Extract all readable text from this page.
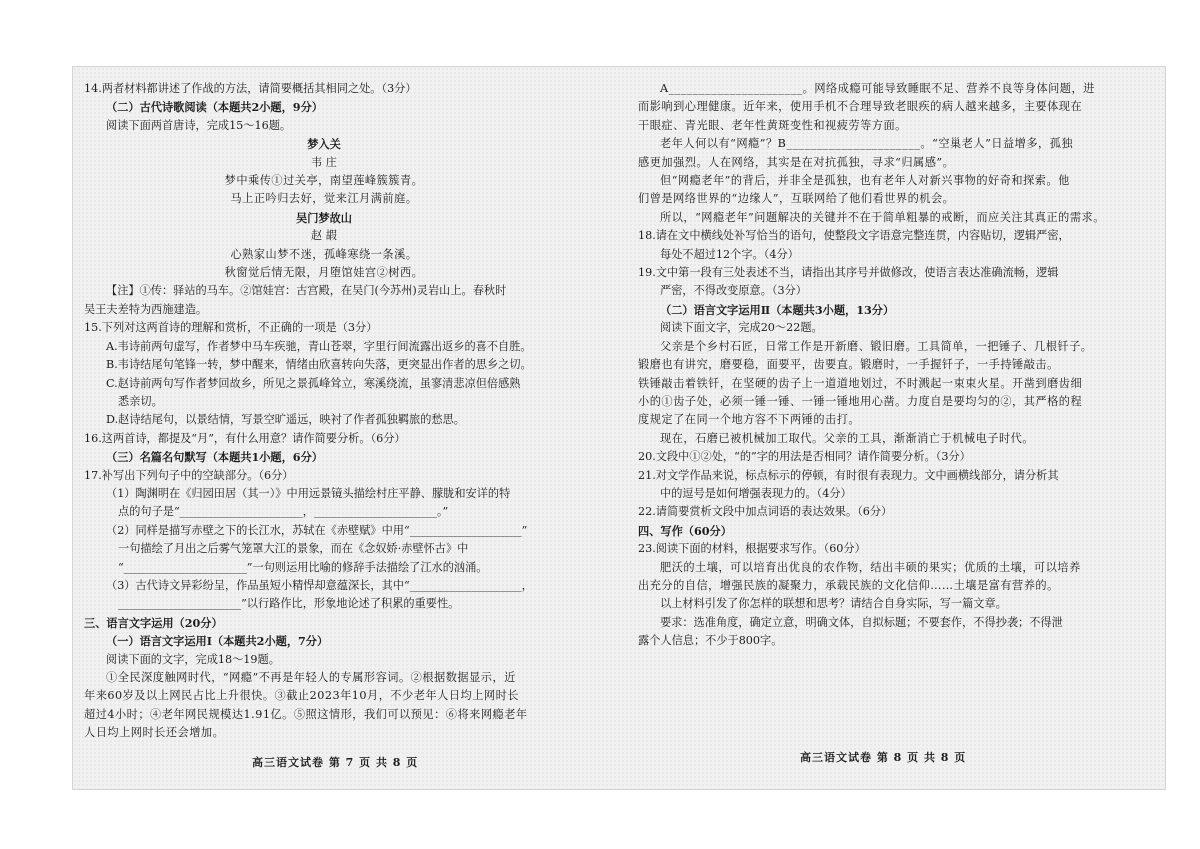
14.两者材料都讲述了作战的方法，请简要概括其相同之处。（3分）
（二）古代诗歌阅读（本题共2小题，9分）
阅读下面两首唐诗，完成15～16题。
梦入关
韦 庄
梦中乘传①过关亭，南望莲峰簇簇青。
马上正吟归去好，觉来江月满前庭。
吴门梦故山
赵 嘏
心熟家山梦不迷，孤峰寒绕一条溪。
秋窗觉后情无限，月堕馆娃宫②树西。
【注】①传：驿站的马车。②馆娃宫：古宫殿，在吴门(今苏州)灵岩山上。春秋时
吴王夫差特为西施建造。
15.下列对这两首诗的理解和赏析，不正确的一项是（3分）
A.韦诗前两句虚写，作者梦中马车疾驰，青山苍翠，字里行间流露出返乡的喜不自胜。
B.韦诗结尾句笔锋一转，梦中醒来，情绪由欣喜转向失落，更突显出作者的思乡之切。
C.赵诗前两句写作者梦回故乡，所见之景孤峰耸立，寒溪绕流，虽寥清悲凉但倍感熟
悉亲切。
D.赵诗结尾句，以景结情，写景空旷遥远，映衬了作者孤独羁旅的愁思。
16.这两首诗，都提及“月”，有什么用意？请作简要分析。（6分）
（三）名篇名句默写（本题共1小题，6分）
17.补写出下列句子中的空缺部分。（6分）
（1）陶渊明在《归园田居（其一）》中用远景镜头描绘村庄平静、朦胧和安详的特
点的句子是“______________________，______________________。”
（2）同样是描写赤壁之下的长江水，苏轼在《赤壁赋》中用“____________________”
一句描绘了月出之后雾气笼罩大江的景象，而在《念奴娇·赤壁怀古》中
“______________________”一句则运用比喻的修辞手法描绘了江水的汹涌。
（3）古代诗文异彩纷呈，作品虽短小精悍却意蕴深长，其中“____________________，
______________________”以行路作比，形象地论述了积累的重要性。
三、语言文字运用（20分）
（一）语言文字运用Ⅰ（本题共2小题，7分）
阅读下面的文字，完成18～19题。
①全民深度触网时代，“网瘾”不再是年轻人的专属形容词。②根据数据显示，近
年来60岁及以上网民占比上升很快。③截止2023年10月，不少老年人日均上网时长
超过4小时；④老年网民规模达1.91亿。⑤照这情形，我们可以预见：⑥将来网瘾老年
人日均上网时长还会增加。
A______________________。网络成瘾可能导致睡眠不足、营养不良等身体问题，进
而影响到心理健康。近年来，使用手机不合理导致老眼疾的病人越来越多，主要体现在
干眼症、青光眼、老年性黄斑变性和视疲劳等方面。
老年人何以有“网瘾”？B______________________。“空巢老人”日益增多，孤独
感更加强烈。人在网络，其实是在对抗孤独，寻求“归属感”。
但“网瘾老年”的背后，并非全是孤独，也有老年人对新兴事物的好奇和探索。他
们曾是网络世界的“边缘人”，互联网给了他们看世界的机会。
所以，“网瘾老年”问题解决的关键并不在于简单粗暴的戒断，而应关注其真正的需求。
18.请在文中横线处补写恰当的语句，使整段文字语意完整连贯，内容贴切，逻辑严密，
每处不超过12个字。（4分）
19.文中第一段有三处表述不当，请指出其序号并做修改，使语言表达准确流畅，逻辑
严密，不得改变原意。（3分）
（二）语言文字运用Ⅱ（本题共3小题，13分）
阅读下面文字，完成20～22题。
父亲是个乡村石匠，日常工作是开新磨、锻旧磨。工具简单，一把锤子、几根钎子。
锻磨也有讲究，磨要稳，面要平，齿要直。锻磨时，一手握钎子，一手持锤敲击。
铁锤敲击着铁钎，在坚硬的齿子上一道道地划过，不时溅起一束束火星。开凿到磨齿细
小的①齿子处，必须一锤一锤、一锤一锤地用心凿。力度自是要均匀的②，其严格的程
度规定了在同一个地方容不下两锤的击打。
现在，石磨已被机械加工取代。父亲的工具，渐渐消亡于机械电子时代。
20.文段中①②处，“的”字的用法是否相同？请作简要分析。（3分）
21.对文学作品来说，标点标示的停顿，有时很有表现力。文中画横线部分，请分析其
中的逗号是如何增强表现力的。（4分）
22.请简要赏析文段中加点词语的表达效果。（6分）
四、写作（60分）
23.阅读下面的材料，根据要求写作。（60分）
肥沃的土壤，可以培育出优良的农作物，结出丰硕的果实；优质的土壤，可以培养
出充分的自信，增强民族的凝聚力，承载民族的文化信仰……土壤是富有营养的。
以上材料引发了你怎样的联想和思考？请结合自身实际，写一篇文章。
要求：选准角度，确定立意，明确文体，自拟标题；不要套作，不得抄袭；不得泄
露个人信息；不少于800字。
高三语文试卷 第 7 页 共 8 页	高三语文试卷 第 8 页 共 8 页
